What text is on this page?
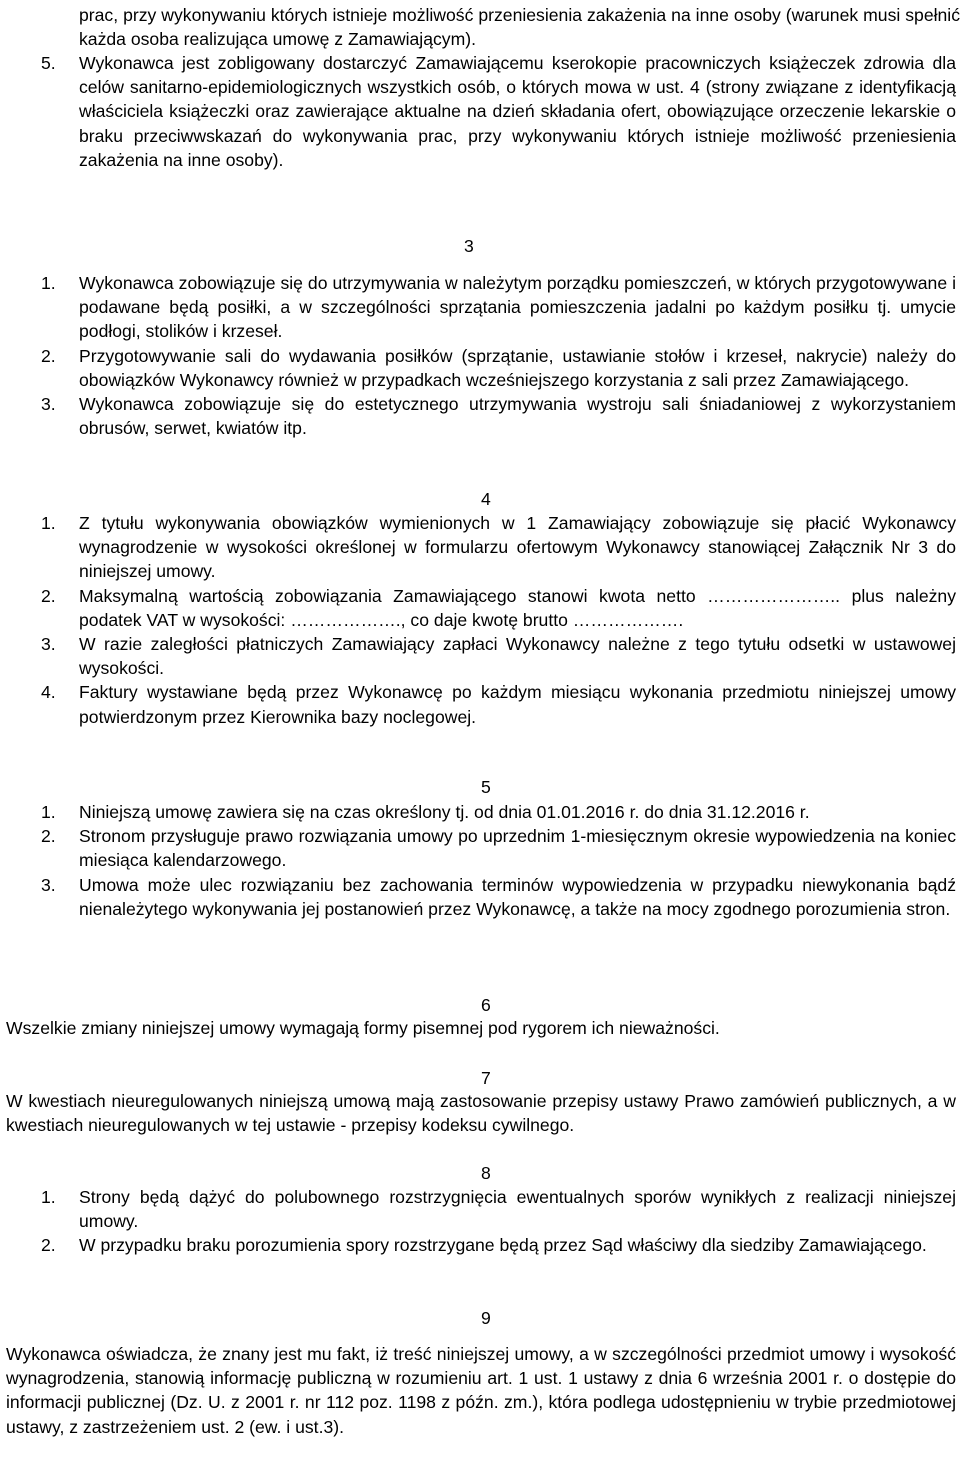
prac, przy wykonywaniu których istnieje możliwość przeniesienia zakażenia na inne osoby (warunek musi spełnić każda osoba realizująca umowę z Zamawiającym).

5. Wykonawca jest zobligowany dostarczyć Zamawiającemu kserokopie pracowniczych książeczek zdrowia dla celów sanitarno-epidemiologicznych wszystkich osób, o których mowa w ust. 4 (strony związane z identyfikacją właściciela książeczki oraz zawierające aktualne na dzień składania ofert, obowiązujące orzeczenie lekarskie o braku przeciwwskazań do wykonywania prac, przy wykonywaniu których istnieje możliwość przeniesienia zakażenia na inne osoby).
3
1. Wykonawca zobowiązuje się do utrzymywania w należytym porządku pomieszczeń, w których przygotowywane i podawane będą posiłki, a w szczególności sprzątania pomieszczenia jadalni po każdym posiłku tj. umycie podłogi, stolików i krzeseł.
2. Przygotowywanie sali do wydawania posiłków (sprzątanie, ustawianie stołów i krzeseł, nakrycie) należy do obowiązków Wykonawcy również w przypadkach wcześniejszego korzystania z sali przez Zamawiającego.
3. Wykonawca zobowiązuje się do estetycznego utrzymywania wystroju sali śniadaniowej z wykorzystaniem obrusów, serwet, kwiatów itp.
4
1. Z tytułu wykonywania obowiązków wymienionych w 1 Zamawiający zobowiązuje się płacić Wykonawcy wynagrodzenie w wysokości określonej w formularzu ofertowym Wykonawcy stanowiącej Załącznik Nr 3 do niniejszej umowy.
2. Maksymalną wartością zobowiązania Zamawiającego stanowi kwota netto ………………….. plus należny podatek VAT w wysokości: ………………., co daje kwotę brutto ……………….
3. W razie zaległości płatniczych Zamawiający zapłaci Wykonawcy należne z tego tytułu odsetki w ustawowej wysokości.
4. Faktury wystawiane będą przez Wykonawcę po każdym miesiącu wykonania przedmiotu niniejszej umowy potwierdzonym przez Kierownika bazy noclegowej.
5
1. Niniejszą umowę zawiera się na czas określony tj. od dnia 01.01.2016 r. do dnia 31.12.2016 r.
2. Stronom przysługuje prawo rozwiązania umowy po uprzednim 1-miesięcznym okresie wypowiedzenia na koniec miesiąca kalendarzowego.
3. Umowa może ulec rozwiązaniu bez zachowania terminów wypowiedzenia w przypadku niewykonania bądź nienależytego wykonywania jej postanowień przez Wykonawcę, a także na mocy zgodnego porozumienia stron.
6

Wszelkie zmiany niniejszej umowy wymagają formy pisemnej pod rygorem ich nieważności.

7

W kwestiach nieuregulowanych niniejszą umową mają zastosowanie przepisy ustawy Prawo zamówień publicznych, a w kwestiach nieuregulowanych w tej ustawie - przepisy kodeksu cywilnego.

8
1. Strony będą dążyć do polubownego rozstrzygnięcia ewentualnych sporów wynikłych z realizacji niniejszej umowy.
2. W przypadku braku porozumienia spory rozstrzygane będą przez Sąd właściwy dla siedziby Zamawiającego.
9

Wykonawca oświadcza, że znany jest mu fakt, iż treść niniejszej umowy, a w szczególności przedmiot umowy i wysokość wynagrodzenia, stanowią informację publiczną w rozumieniu art. 1 ust. 1 ustawy z dnia 6 września 2001 r. o dostępie do informacji publicznej (Dz. U. z 2001 r. nr 112 poz. 1198 z późn. zm.), która podlega udostępnieniu w trybie przedmiotowej ustawy, z zastrzeżeniem ust. 2 (ew. i ust.3).
